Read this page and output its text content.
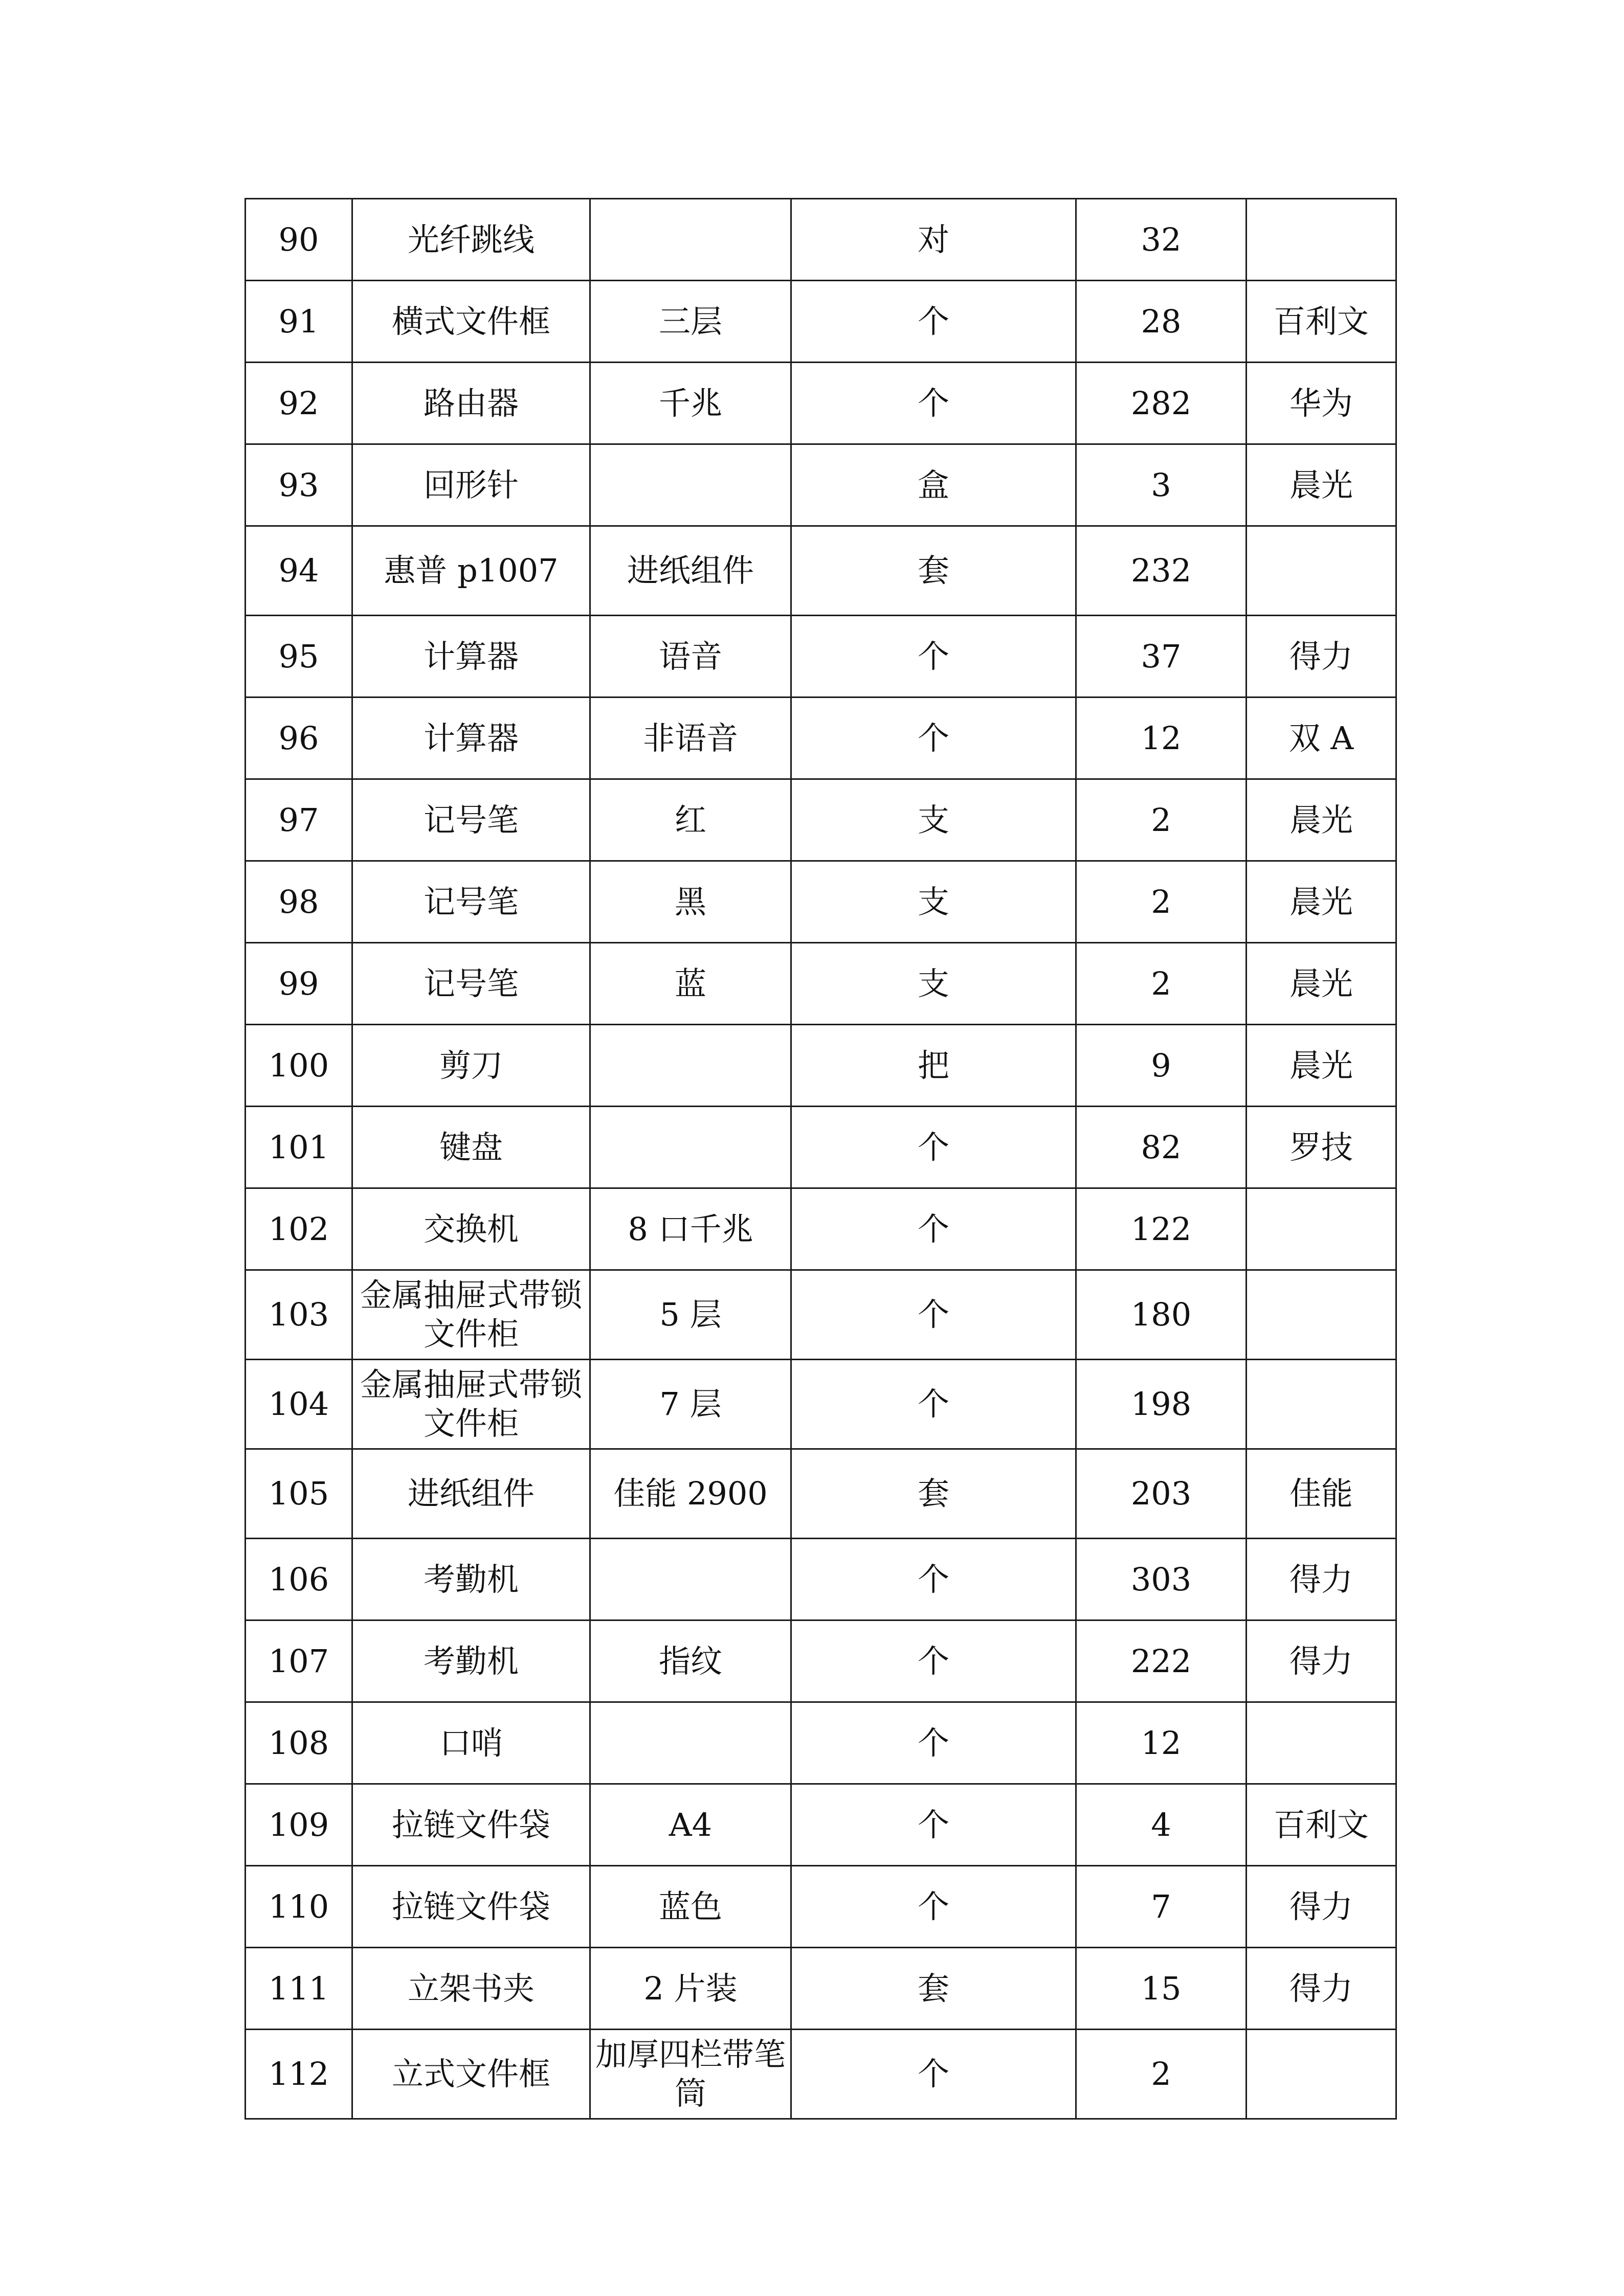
90	光纤跳线		对	32	
91	横式文件框	三层	个	28	百利文
92	路由器	千兆	个	282	华为
93	回形针		盒	3	晨光
94	惠普 p1007	进纸组件	套	232	
95	计算器	语音	个	37	得力
96	计算器	非语音	个	12	双 A
97	记号笔	红	支	2	晨光
98	记号笔	黑	支	2	晨光
99	记号笔	蓝	支	2	晨光
100	剪刀		把	9	晨光
101	键盘		个	82	罗技
102	交换机	8 口千兆	个	122	
103	金属抽屉式带锁文件柜	5 层	个	180	
104	金属抽屉式带锁文件柜	7 层	个	198	
105	进纸组件	佳能 2900	套	203	佳能
106	考勤机		个	303	得力
107	考勤机	指纹	个	222	得力
108	口哨		个	12	
109	拉链文件袋	A4	个	4	百利文
110	拉链文件袋	蓝色	个	7	得力
111	立架书夹	2 片装	套	15	得力
112	立式文件框	加厚四栏带笔筒	个	2	
